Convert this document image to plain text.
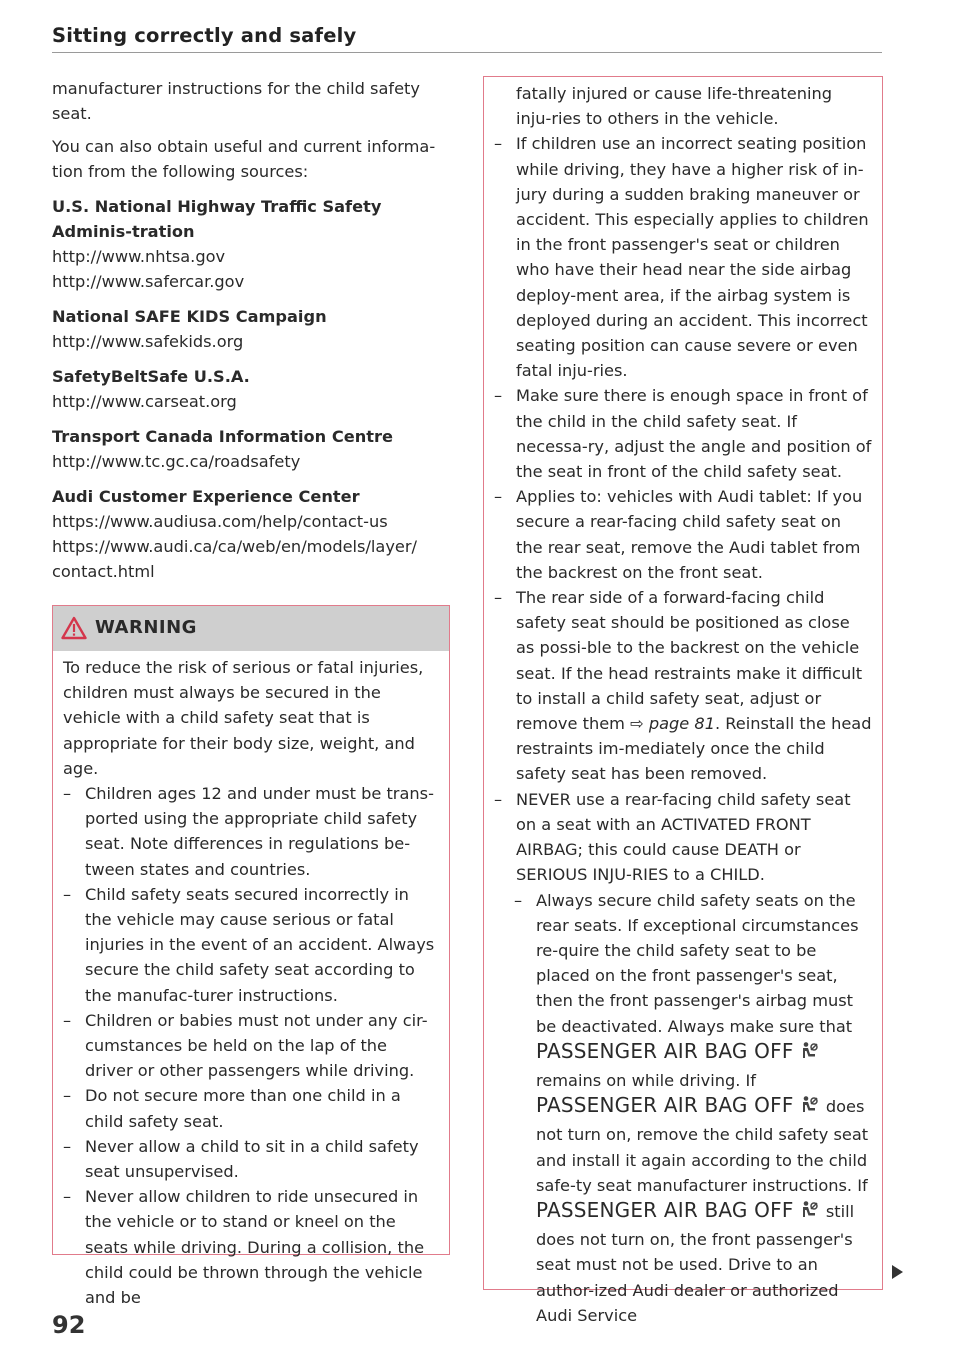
Sitting correctly and safely

manufacturer instructions for the child safety seat.

You can also obtain useful and current informa-tion from the following sources:

U.S. National Highway Traffic Safety Adminis-tration
http://www.nhtsa.gov
http://www.safercar.gov
National SAFE KIDS Campaign
http://www.safekids.org
SafetyBeltSafe U.S.A.
http://www.carseat.org
Transport Canada Information Centre
http://www.tc.gc.ca/roadsafety
Audi Customer Experience Center
https://www.audiusa.com/help/contact-us
https://www.audi.ca/ca/web/en/models/layer/
contact.html
WARNING

To reduce the risk of serious or fatal injuries, children must always be secured in the vehicle with a child safety seat that is appropriate for their body size, weight, and age.

– Children ages 12 and under must be trans-ported using the appropriate child safety seat. Note differences in regulations be-tween states and countries.
– Child safety seats secured incorrectly in the vehicle may cause serious or fatal injuries in the event of an accident. Always secure the child safety seat according to the manufac-turer instructions.
– Children or babies must not under any cir-cumstances be held on the lap of the driver or other passengers while driving.
– Do not secure more than one child in a child safety seat.
– Never allow a child to sit in a child safety seat unsupervised.
– Never allow children to ride unsecured in the vehicle or to stand or kneel on the seats while driving. During a collision, the child could be thrown through the vehicle and be

fatally injured or cause life-threatening inju-ries to others in the vehicle.

– If children use an incorrect seating position while driving, they have a higher risk of in-jury during a sudden braking maneuver or accident. This especially applies to children in the front passenger's seat or children who have their head near the side airbag deploy-ment area, if the airbag system is deployed during an accident. This incorrect seating position can cause severe or even fatal inju-ries.
– Make sure there is enough space in front of the child in the child safety seat. If necessa-ry, adjust the angle and position of the seat in front of the child safety seat.
– Applies to: vehicles with Audi tablet: If you secure a rear-facing child safety seat on the rear seat, remove the Audi tablet from the backrest on the front seat.
– The rear side of a forward-facing child safety seat should be positioned as close as possi-ble to the backrest on the vehicle seat. If the head restraints make it difficult to install a child safety seat, adjust or remove them ⇨ page 81. Reinstall the head restraints im-mediately once the child safety seat has been removed.
– NEVER use a rear-facing child safety seat on a seat with an ACTIVATED FRONT AIRBAG; this could cause DEATH or SERIOUS INJU-RIES to a CHILD.
– Always secure child safety seats on the rear seats. If exceptional circumstances re-quire the child safety seat to be placed on the front passenger's seat, then the front passenger's airbag must be deactivated. Always make sure that PASSENGER AIR BAG OFF  remains on while driving. If PASSENGER AIR BAG OFF does not turn on, remove the child safety seat and install it again according to the child safe-ty seat manufacturer instructions. If PASSENGER AIR BAG OFF still does not turn on, the front passenger's seat must not be used. Drive to an author-ized Audi dealer or authorized Audi Service
92
